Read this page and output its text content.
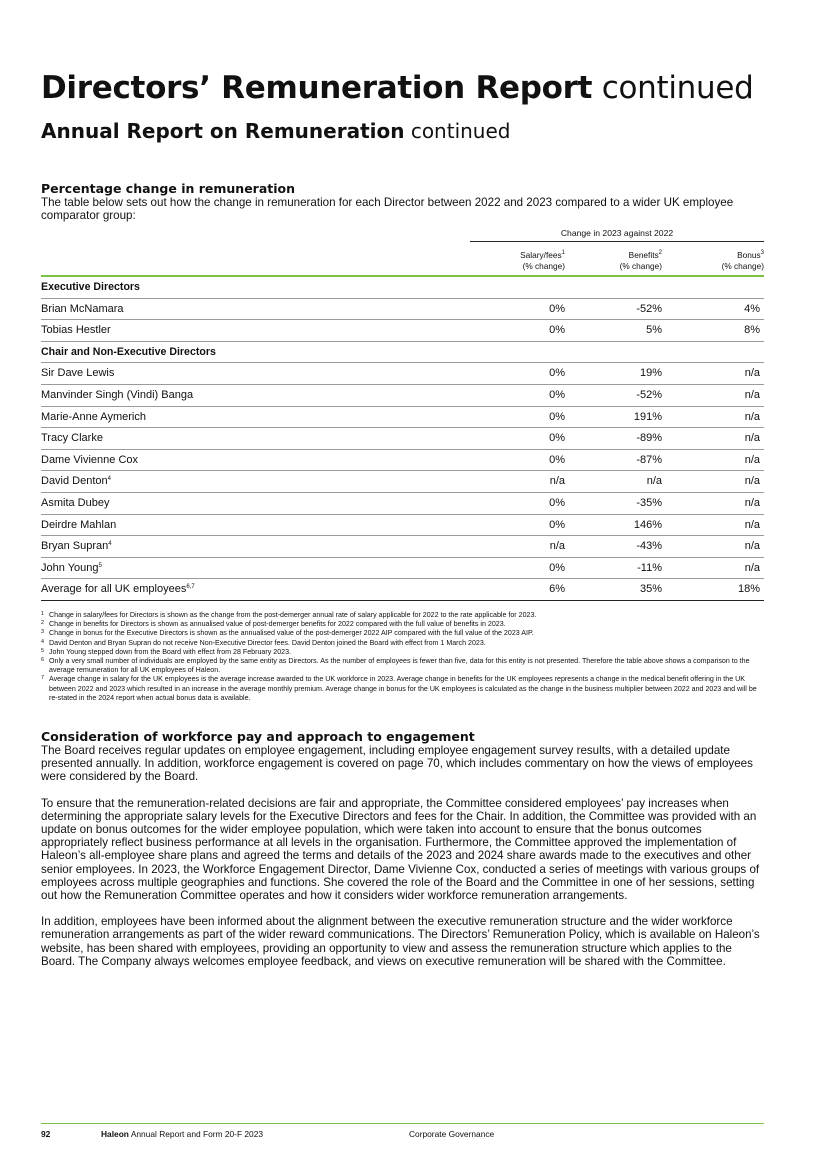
Directors’ Remuneration Report continued
Annual Report on Remuneration continued
Percentage change in remuneration

The table below sets out how the change in remuneration for each Director between 2022 and 2023 compared to a wider UK employee comparator group:

Change in 2023 against 2022
Salary/fees$^1$
(% change)
Benefits$^2$
(% change)
Bonus$^3$
(% change)
Executive Directors
Brian McNamara	0%	-52%	4%
Tobias Hestler	0%	5%	8%
Chair and Non-Executive Directors
Sir Dave Lewis	0%	19%	n/a
Manvinder Singh (Vindi) Banga	0%	-52%	n/a
Marie-Anne Aymerich	0%	191%	n/a
Tracy Clarke	0%	-89%	n/a
Dame Vivienne Cox	0%	-87%	n/a
David Denton$^4$	n/a	n/a	n/a
Asmita Dubey	0%	-35%	n/a
Deirdre Mahlan	0%	146%	n/a
Bryan Supran$^4$	n/a	-43%	n/a
John Young$^5$	0%	-11%	n/a
Average for all UK employees$^{6,7}$	6%	35%	18%
1 Change in salary/fees for Directors is shown as the change from the post-demerger annual rate of salary applicable for 2022 to the rate applicable for 2023.
2 Change in benefits for Directors is shown as annualised value of post-demerger benefits for 2022 compared with the full value of benefits in 2023.
3 Change in bonus for the Executive Directors is shown as the annualised value of the post-demerger 2022 AIP compared with the full value of the 2023 AIP.
4 David Denton and Bryan Supran do not receive Non-Executive Director fees. David Denton joined the Board with effect from 1 March 2023.
5 John Young stepped down from the Board with effect from 28 February 2023.
6 Only a very small number of individuals are employed by the same entity as Directors. As the number of employees is fewer than five, data for this entity is not presented. Therefore the table above shows a comparison to the average remuneration for all UK employees of Haleon.
7 Average change in salary for the UK employees is the average increase awarded to the UK workforce in 2023. Average change in benefits for the UK employees represents a change in the medical benefit offering in the UK between 2022 and 2023 which resulted in an increase in the average monthly premium. Average change in bonus for the UK employees is calculated as the change in the business multiplier between 2022 and 2023 and will be re-stated in the 2024 report when actual bonus data is available.
Consideration of workforce pay and approach to engagement

The Board receives regular updates on employee engagement, including employee engagement survey results, with a detailed update presented annually. In addition, workforce engagement is covered on page 70, which includes commentary on how the views of employees were considered by the Board.

To ensure that the remuneration-related decisions are fair and appropriate, the Committee considered employees’ pay increases when determining the appropriate salary levels for the Executive Directors and fees for the Chair. In addition, the Committee was provided with an update on bonus outcomes for the wider employee population, which were taken into account to ensure that the bonus outcomes appropriately reflect business performance at all levels in the organisation. Furthermore, the Committee approved the implementation of Haleon’s all-employee share plans and agreed the terms and details of the 2023 and 2024 share awards made to the executives and other senior employees. In 2023, the Workforce Engagement Director, Dame Vivienne Cox, conducted a series of meetings with various groups of employees across multiple geographies and functions. She covered the role of the Board and the Committee in one of her sessions, setting out how the Remuneration Committee operates and how it considers wider workforce remuneration arrangements.

In addition, employees have been informed about the alignment between the executive remuneration structure and the wider workforce remuneration arrangements as part of the wider reward communications. The Directors’ Remuneration Policy, which is available on Haleon’s website, has been shared with employees, providing an opportunity to view and assess the remuneration structure which applies to the Board. The Company always welcomes employee feedback, and views on executive remuneration will be shared with the Committee.

92	Haleon Annual Report and Form 20-F 2023	Corporate Governance
